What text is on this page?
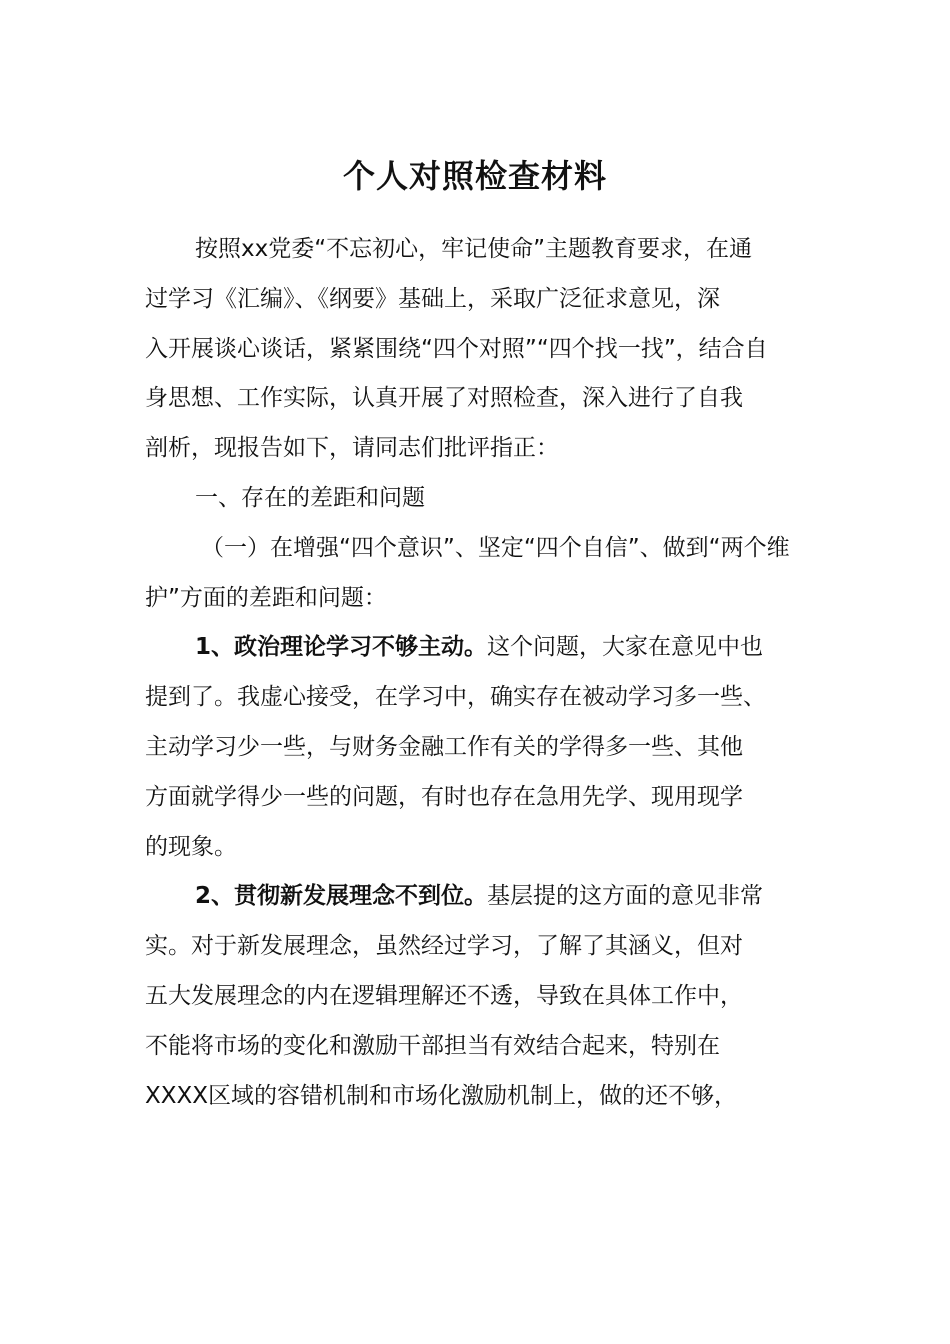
个人对照检查材料

按照xx党委“不忘初心，牢记使命”主题教育要求，在通

过学习《汇编》、《纲要》基础上，采取广泛征求意见，深

入开展谈心谈话，紧紧围绕“四个对照”“四个找一找”，结合自

身思想、工作实际，认真开展了对照检查，深入进行了自我

剖析，现报告如下，请同志们批评指正：

一、存在的差距和问题

（一）在增强“四个意识”、坚定“四个自信”、做到“两个维

护”方面的差距和问题：

1、政治理论学习不够主动。这个问题，大家在意见中也

提到了。我虚心接受，在学习中，确实存在被动学习多一些、

主动学习少一些，与财务金融工作有关的学得多一些、其他

方面就学得少一些的问题，有时也存在急用先学、现用现学

的现象。

2、贯彻新发展理念不到位。基层提的这方面的意见非常

实。对于新发展理念，虽然经过学习，了解了其涵义，但对

五大发展理念的内在逻辑理解还不透，导致在具体工作中，

不能将市场的变化和激励干部担当有效结合起来，特别在

XXXX区域的容错机制和市场化激励机制上，做的还不够，
